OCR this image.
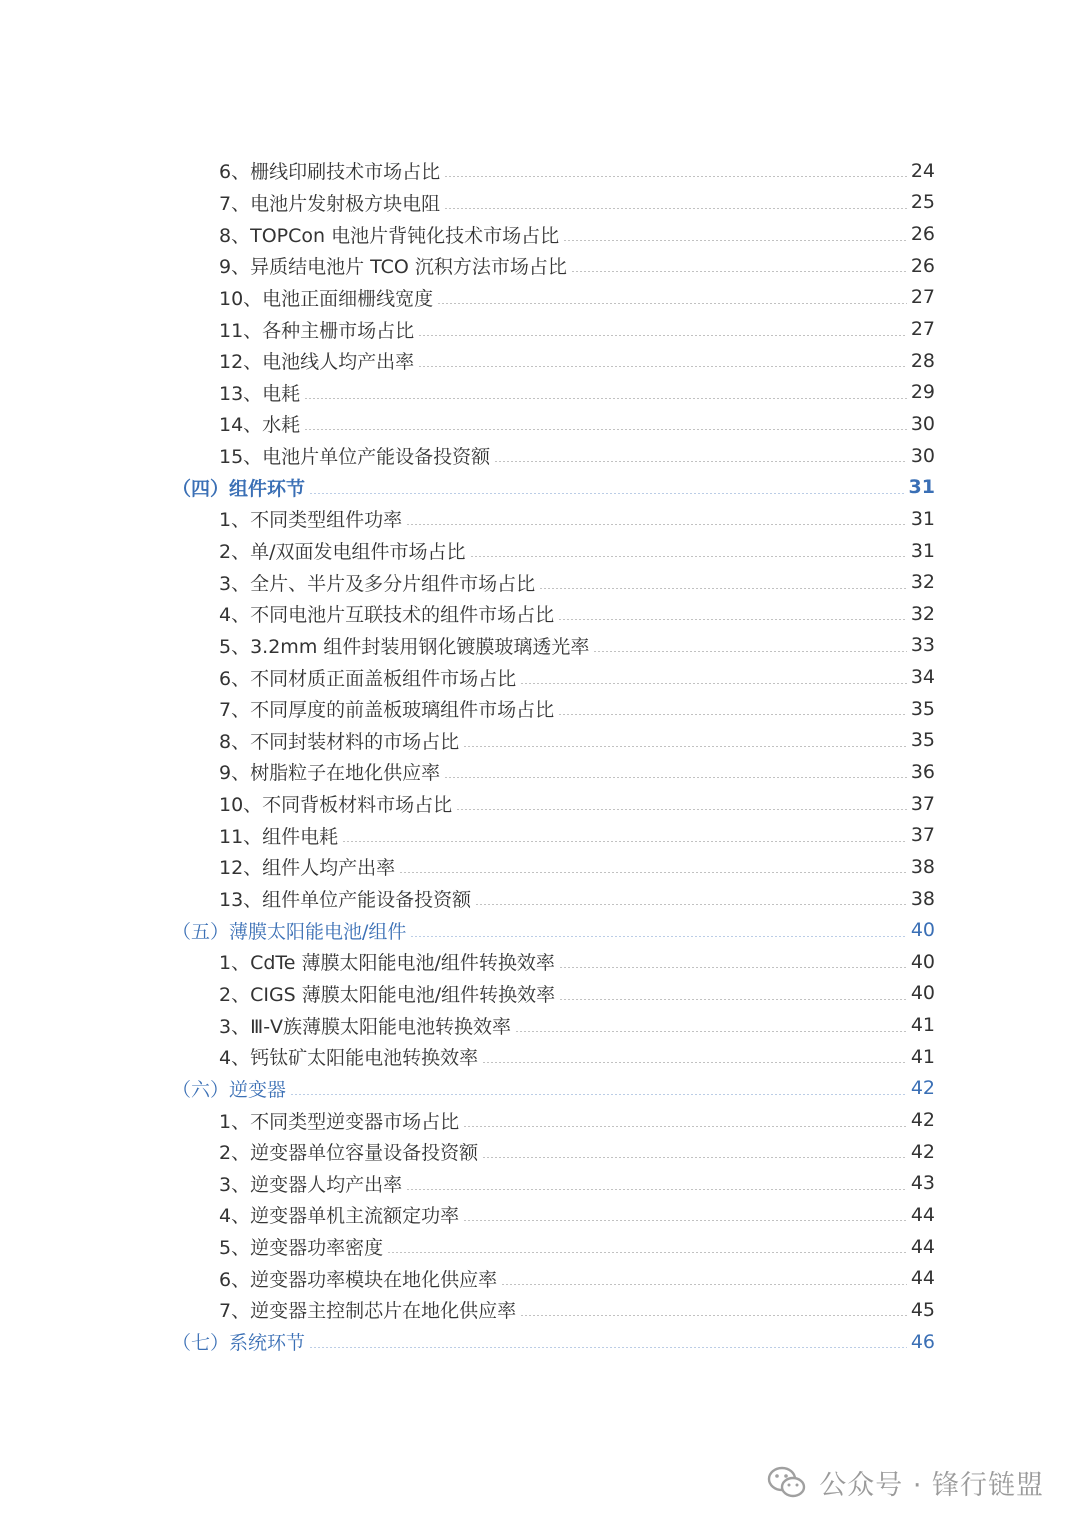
6、栅线印刷技术市场占比	24
7、电池片发射极方块电阻	25
8、TOPCon 电池片背钝化技术市场占比	26
9、异质结电池片 TCO 沉积方法市场占比	26
10、电池正面细栅线宽度	27
11、各种主栅市场占比	27
12、电池线人均产出率	28
13、电耗	29
14、水耗	30
15、电池片单位产能设备投资额	30
（四）组件环节	31
1、不同类型组件功率	31
2、单/双面发电组件市场占比	31
3、全片、半片及多分片组件市场占比	32
4、不同电池片互联技术的组件市场占比	32
5、3.2mm 组件封装用钢化镀膜玻璃透光率	33
6、不同材质正面盖板组件市场占比	34
7、不同厚度的前盖板玻璃组件市场占比	35
8、不同封装材料的市场占比	35
9、树脂粒子在地化供应率	36
10、不同背板材料市场占比	37
11、组件电耗	37
12、组件人均产出率	38
13、组件单位产能设备投资额	38
（五）薄膜太阳能电池/组件	40
1、CdTe 薄膜太阳能电池/组件转换效率	40
2、CIGS 薄膜太阳能电池/组件转换效率	40
3、Ⅲ-Ⅴ族薄膜太阳能电池转换效率	41
4、钙钛矿太阳能电池转换效率	41
（六）逆变器	42
1、不同类型逆变器市场占比	42
2、逆变器单位容量设备投资额	42
3、逆变器人均产出率	43
4、逆变器单机主流额定功率	44
5、逆变器功率密度	44
6、逆变器功率模块在地化供应率	44
7、逆变器主控制芯片在地化供应率	45
（七）系统环节	46
公众号 · 锋行链盟
